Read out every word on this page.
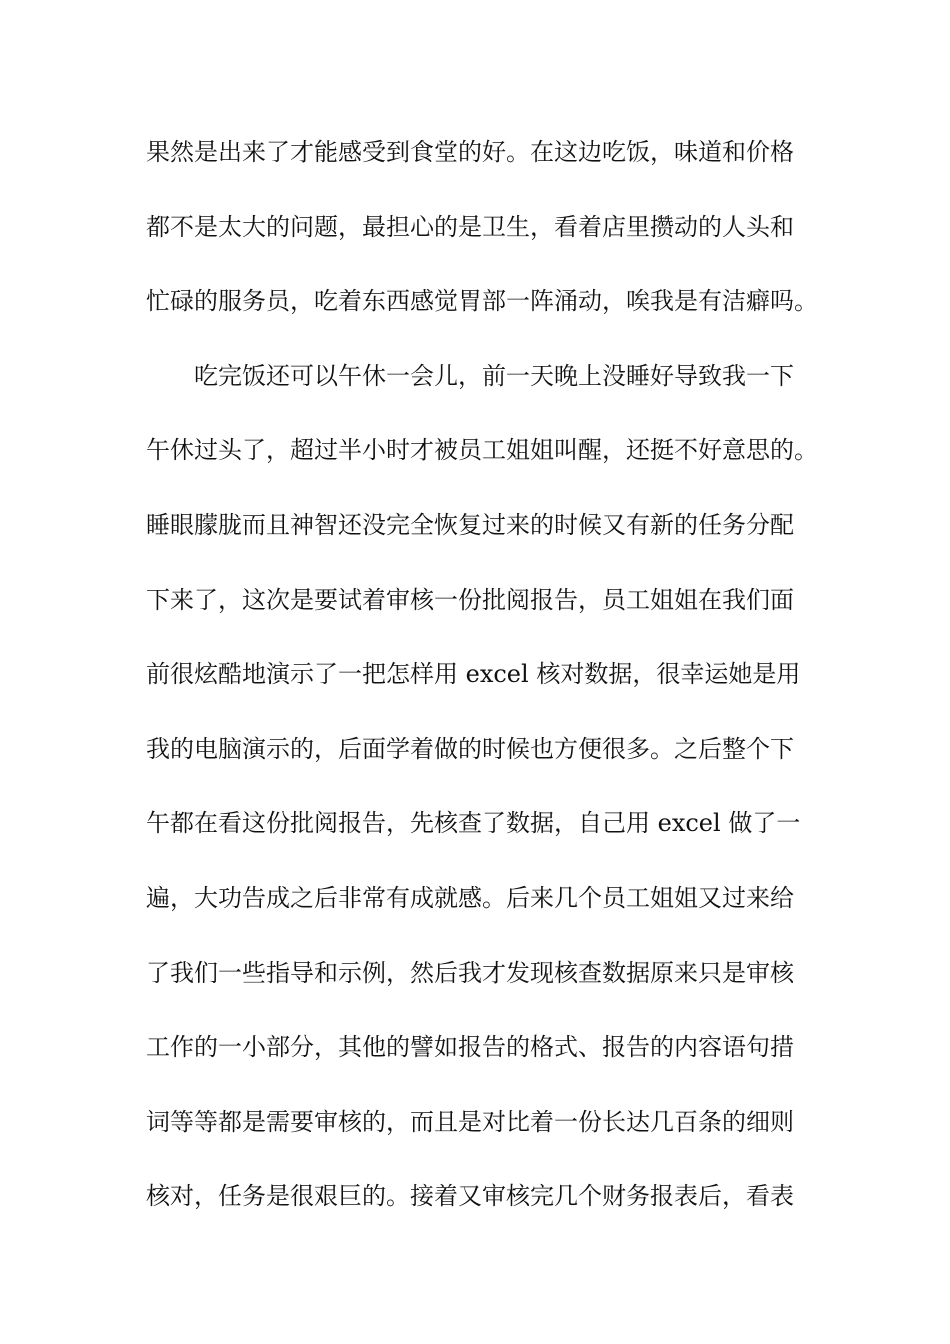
果然是出来了才能感受到食堂的好。在这边吃饭，味道和价格
都不是太大的问题，最担心的是卫生，看着店里攒动的人头和
忙碌的服务员，吃着东西感觉胃部一阵涌动，唉我是有洁癖吗。
吃完饭还可以午休一会儿，前一天晚上没睡好导致我一下
午休过头了，超过半小时才被员工姐姐叫醒，还挺不好意思的。
睡眼朦胧而且神智还没完全恢复过来的时候又有新的任务分配
下来了，这次是要试着审核一份批阅报告，员工姐姐在我们面
前很炫酷地演示了一把怎样用 excel 核对数据，很幸运她是用
我的电脑演示的，后面学着做的时候也方便很多。之后整个下
午都在看这份批阅报告，先核查了数据，自己用 excel 做了一
遍，大功告成之后非常有成就感。后来几个员工姐姐又过来给
了我们一些指导和示例，然后我才发现核查数据原来只是审核
工作的一小部分，其他的譬如报告的格式、报告的内容语句措
词等等都是需要审核的，而且是对比着一份长达几百条的细则
核对，任务是很艰巨的。接着又审核完几个财务报表后，看表
